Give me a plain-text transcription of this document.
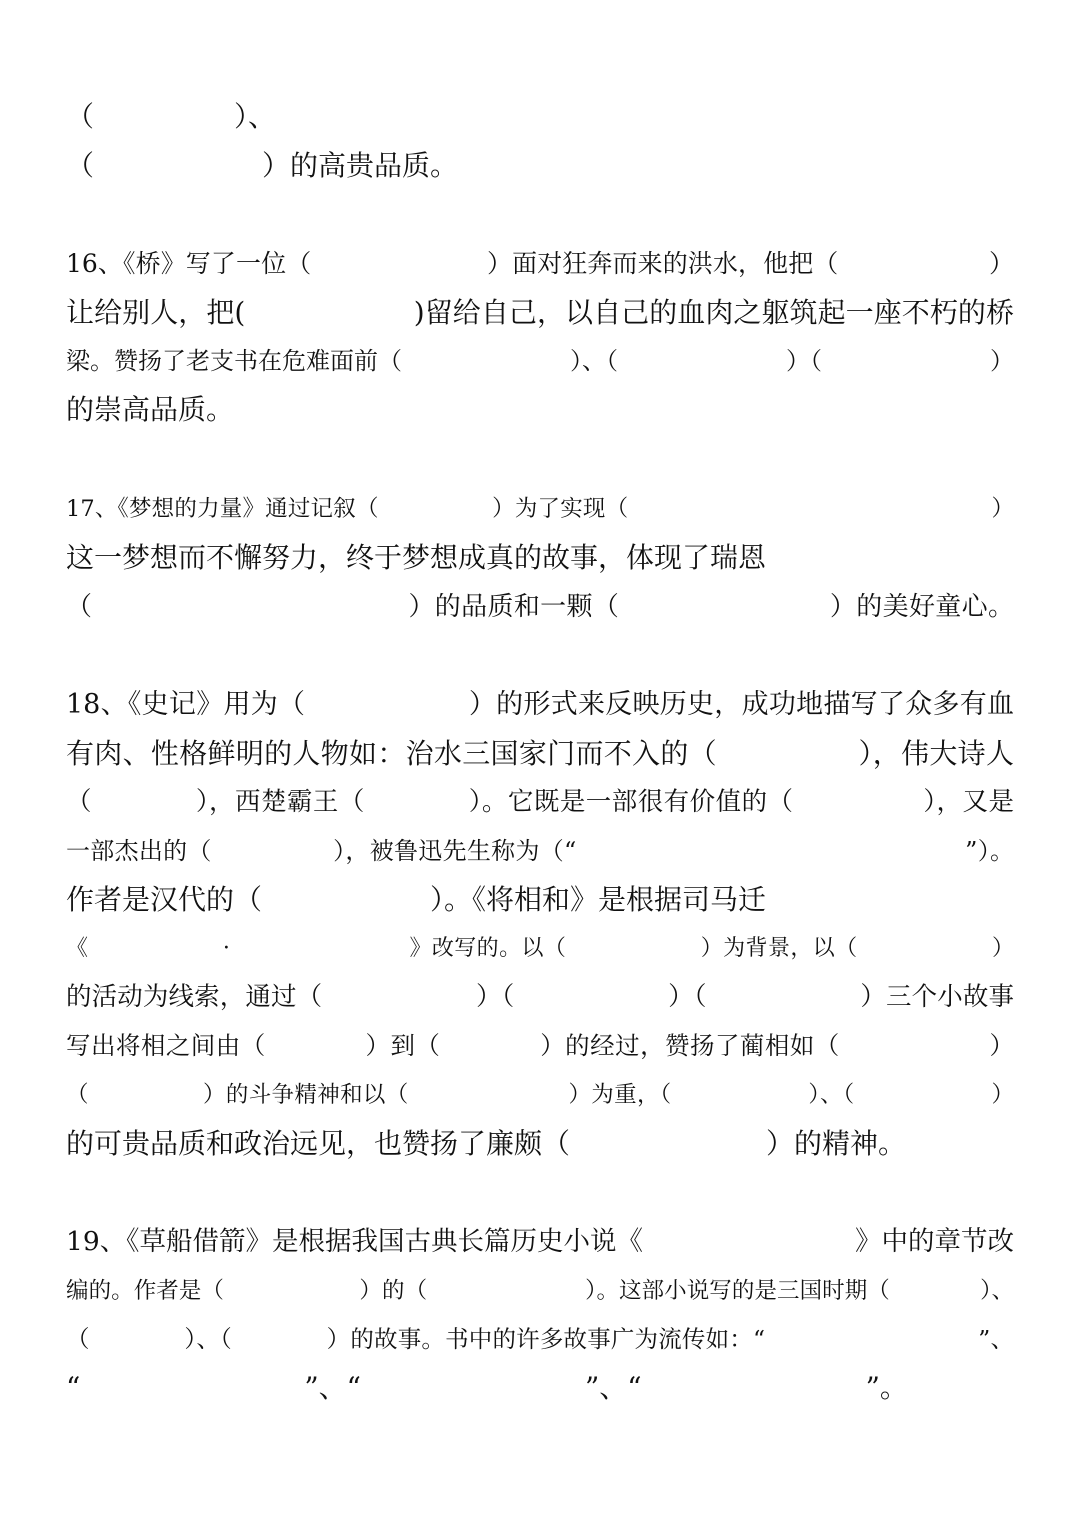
（　　　　　）、
（　　　　　　）的高贵品质。
16、《桥》写了一位（　　　　　　　）面对狂奔而来的洪水，他把（　　　　　　）
让给别人，把(　　　　　　)留给自己，以自己的血肉之躯筑起一座不朽的桥
梁。赞扬了老支书在危难面前（　　　　　　　）、（　　　　　　　）（　　　　　　　）
的崇高品质。
17、《梦想的力量》通过记叙（　　　　　）为了实现（　　　　　　　　　　　　　　　　）
这一梦想而不懈努力，终于梦想成真的故事，体现了瑞恩
（　　　　　　　　　　　　）的品质和一颗（　　　　　　　　）的美好童心。
18、《史记》用为（　　　　　　）的形式来反映历史，成功地描写了众多有血
有肉、性格鲜明的人物如：治水三国家门而不入的（　　　　　），伟大诗人
（　　　　），西楚霸王（　　　　）。它既是一部很有价值的（　　　　　），又是
一部杰出的（　　　　　），被鲁迅先生称为（“　　　　　　　　　　　　　　　　”）。
作者是汉代的（　　　　　　）。《将相和》是根据司马迁
《　　　　　　·　　　　　　　　》改写的。以（　　　　　　）为背景，以（　　　　　　）
的活动为线索，通过（　　　　　　）（　　　　　　）（　　　　　　）三个小故事
写出将相之间由（　　　　）到（　　　　）的经过，赞扬了蔺相如（　　　　　　）
（　　　　　）的斗争精神和以（　　　　　　　）为重，（　　　　　　）、（　　　　　　）
的可贵品质和政治远见，也赞扬了廉颇（　　　　　　　）的精神。
19、《草船借箭》是根据我国古典长篇历史小说《　　　　　　　　》中的章节改
编的。作者是（　　　　　　）的（　　　　　　　）。这部小说写的是三国时期（　　　　）、
（　　　　）、（　　　　）的故事。书中的许多故事广为流传如：“　　　　　　　　　”、
“　　　　　　　　”、“　　　　　　　　”、“　　　　　　　　”。
